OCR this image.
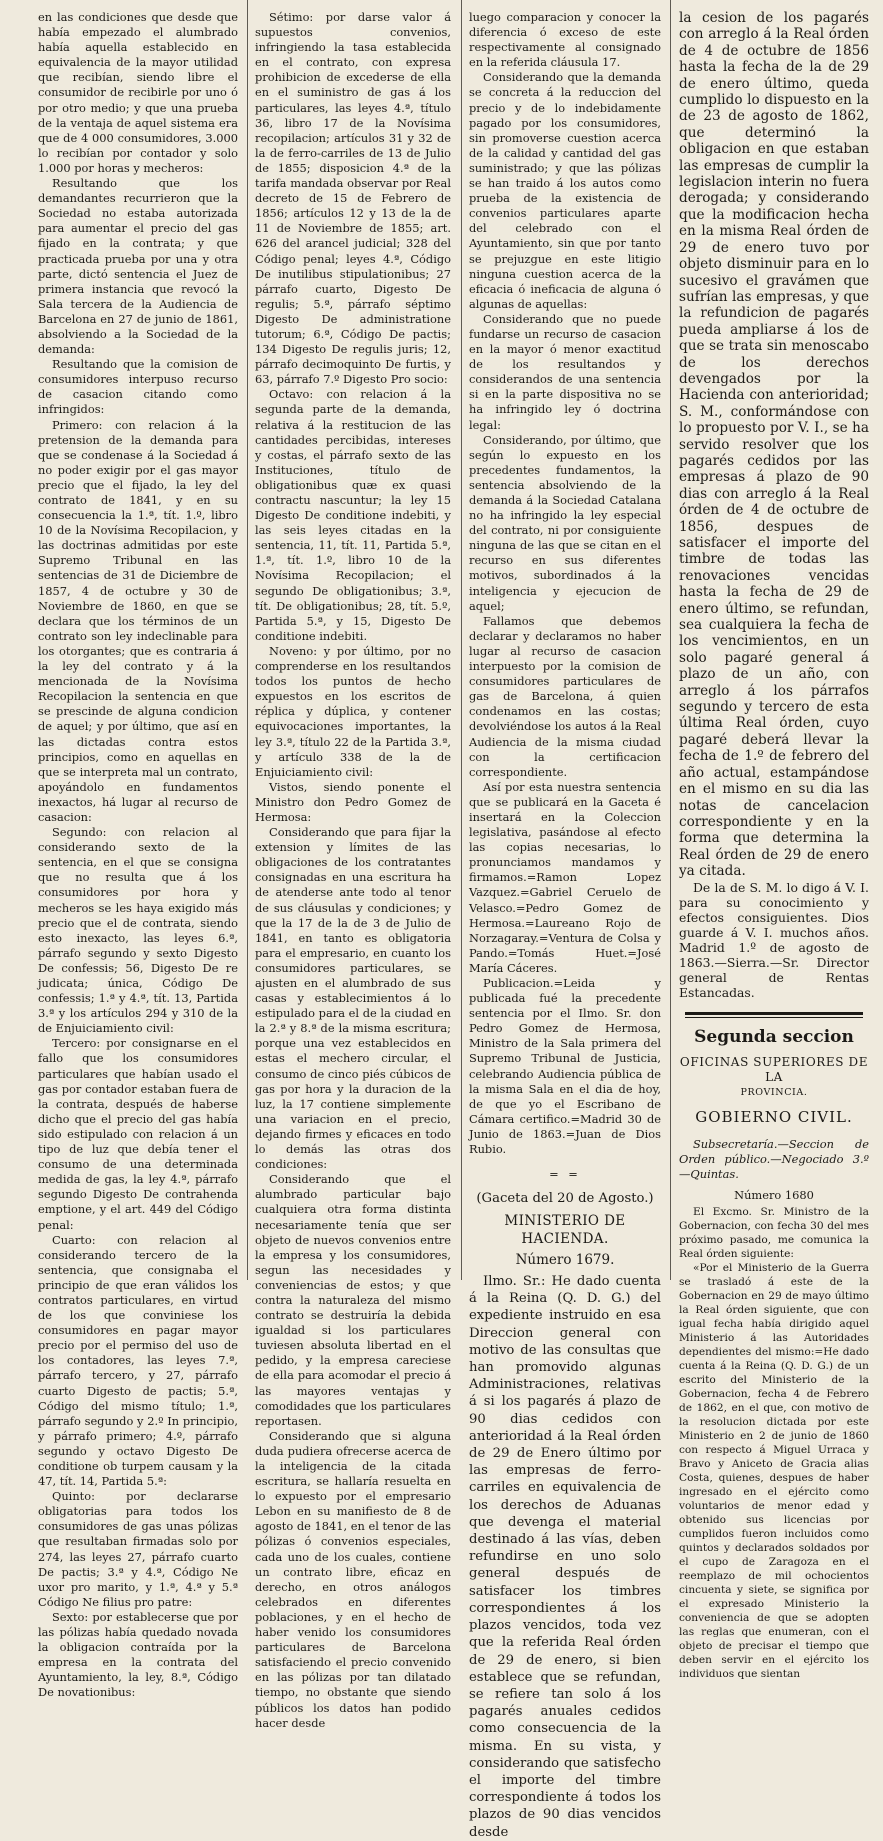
en las condiciones que desde que había empezado el alumbrado había aquella establecido en equivalencia de la mayor utilidad que recibían, siendo libre el consumidor de recibirle por uno ó por otro medio; y que una prueba de la ventaja de aquel sistema era que de 4 000 consumidores, 3.000 lo recibían por contador y solo 1.000 por horas y mecheros:

Resultando que los demandantes recurrieron que la Sociedad no estaba autorizada para aumentar el precio del gas fijado en la contrata; y que practicada prueba por una y otra parte, dictó sentencia el Juez de primera instancia que revocó la Sala tercera de la Audiencia de Barcelona en 27 de junio de 1861, absolviendo a la Sociedad de la demanda:

Resultando que la comision de consumidores interpuso recurso de casacion citando como infringidos:

Primero: con relacion á la pretension de la demanda para que se condenase á la Sociedad á no poder exigir por el gas mayor precio que el fijado, la ley del contrato de 1841, y en su consecuencia la 1.ª, tít. 1.º, libro 10 de la Novísima Recopilacion, y las doctrinas admitidas por este Supremo Tribunal en las sentencias de 31 de Diciembre de 1857, 4 de octubre y 30 de Noviembre de 1860, en que se declara que los términos de un contrato son ley indeclinable para los otorgantes; que es contraria á la ley del contrato y á la mencionada de la Novísima Recopilacion la sentencia en que se prescinde de alguna condicion de aquel; y por último, que así en las dictadas contra estos principios, como en aquellas en que se interpreta mal un contrato, apoyándolo en fundamentos inexactos, há lugar al recurso de casacion:

Segundo: con relacion al considerando sexto de la sentencia, en el que se consigna que no resulta que á los consumidores por hora y mecheros se les haya exigido más precio que el de contrata, siendo esto inexacto, las leyes 6.ª, párrafo segundo y sexto Digesto De confessis; 56, Digesto De re judicata; única, Código De confessis; 1.ª y 4.ª, tít. 13, Partida 3.ª y los artículos 294 y 310 de la de Enjuiciamiento civil:

Tercero: por consignarse en el fallo que los consumidores particulares que habían usado el gas por contador estaban fuera de la contrata, después de haberse dicho que el precio del gas había sido estipulado con relacion á un tipo de luz que debía tener el consumo de una determinada medida de gas, la ley 4.ª, párrafo segundo Digesto De contrahenda emptione, y el art. 449 del Código penal:

Cuarto: con relacion al considerando tercero de la sentencia, que consignaba el principio de que eran válidos los contratos particulares, en virtud de los que conviniese los consumidores en pagar mayor precio por el permiso del uso de los contadores, las leyes 7.ª, párrafo tercero, y 27, párrafo cuarto Digesto de pactis; 5.ª, Código del mismo título; 1.ª, párrafo segundo y 2.º In principio, y párrafo primero; 4.º, párrafo segundo y octavo Digesto De conditione ob turpem causam y la 47, tít. 14, Partida 5.ª:

Quinto: por declararse obligatorias para todos los consumidores de gas unas pólizas que resultaban firmadas solo por 274, las leyes 27, párrafo cuarto De pactis; 3.ª y 4.ª, Código Ne uxor pro marito, y 1.ª, 4.ª y 5.ª Código Ne filius pro patre:

Sexto: por establecerse que por las pólizas había quedado novada la obligacion contraída por la empresa en la contrata del Ayuntamiento, la ley, 8.ª, Código De novationibus:

Sétimo: por darse valor á supuestos convenios, infringiendo la tasa establecida en el contrato, con expresa prohibicion de excederse de ella en el suministro de gas á los particulares, las leyes 4.ª, título 36, libro 17 de la Novísima recopilacion; artículos 31 y 32 de la de ferro-carriles de 13 de Julio de 1855; disposicion 4.ª de la tarifa mandada observar por Real decreto de 15 de Febrero de 1856; artículos 12 y 13 de la de 11 de Noviembre de 1855; art. 626 del arancel judicial; 328 del Código penal; leyes 4.ª, Código De inutilibus stipulationibus; 27 párrafo cuarto, Digesto De regulis; 5.ª, párrafo séptimo Digesto De administratione tutorum; 6.ª, Código De pactis; 134 Digesto De regulis juris; 12, párrafo decimoquinto De furtis, y 63, párrafo 7.º Digesto Pro socio:

Octavo: con relacion á la segunda parte de la demanda, relativa á la restitucion de las cantidades percibidas, intereses y costas, el párrafo sexto de las Instituciones, título de obligationibus quæ ex quasi contractu nascuntur; la ley 15 Digesto De conditione indebiti, y las seis leyes citadas en la sentencia, 11, tít. 11, Partida 5.ª, 1.ª, tít. 1.º, libro 10 de la Novísima Recopilacion; el segundo De obligationibus; 3.ª, tít. De obligationibus; 28, tít. 5.º, Partida 5.ª, y 15, Digesto De conditione indebiti.

Noveno: y por último, por no comprenderse en los resultandos todos los puntos de hecho expuestos en los escritos de réplica y dúplica, y contener equivocaciones importantes, la ley 3.ª, título 22 de la Partida 3.ª, y artículo 338 de la de Enjuiciamiento civil:

Vistos, siendo ponente el Ministro don Pedro Gomez de Hermosa:

Considerando que para fijar la extension y límites de las obligaciones de los contratantes consignadas en una escritura ha de atenderse ante todo al tenor de sus cláusulas y condiciones; y que la 17 de la de 3 de Julio de 1841, en tanto es obligatoria para el empresario, en cuanto los consumidores particulares, se ajusten en el alumbrado de sus casas y establecimientos á lo estipulado para el de la ciudad en la 2.ª y 8.ª de la misma escritura; porque una vez establecidos en estas el mechero circular, el consumo de cinco piés cúbicos de gas por hora y la duracion de la luz, la 17 contiene simplemente una variacion en el precio, dejando firmes y eficaces en todo lo demás las otras dos condiciones:

Considerando que el alumbrado particular bajo cualquiera otra forma distinta necesariamente tenía que ser objeto de nuevos convenios entre la empresa y los consumidores, segun las necesidades y conveniencias de estos; y que contra la naturaleza del mismo contrato se destruiría la debida igualdad si los particulares tuviesen absoluta libertad en el pedido, y la empresa careciese de ella para acomodar el precio á las mayores ventajas y comodidades que los particulares reportasen.

Considerando que si alguna duda pudiera ofrecerse acerca de la inteligencia de la citada escritura, se hallaría resuelta en lo expuesto por el empresario Lebon en su manifiesto de 8 de agosto de 1841, en el tenor de las pólizas ó convenios especiales, cada uno de los cuales, contiene un contrato libre, eficaz en derecho, en otros análogos celebrados en diferentes poblaciones, y en el hecho de haber venido los consumidores particulares de Barcelona satisfaciendo el precio convenido en las pólizas por tan dilatado tiempo, no obstante que siendo públicos los datos han podido hacer desde

luego comparacion y conocer la diferencia ó exceso de este respectivamente al consignado en la referida cláusula 17.

Considerando que la demanda se concreta á la reduccion del precio y de lo indebidamente pagado por los consumidores, sin promoverse cuestion acerca de la calidad y cantidad del gas suministrado; y que las pólizas se han traido á los autos como prueba de la existencia de convenios particulares aparte del celebrado con el Ayuntamiento, sin que por tanto se prejuzgue en este litigio ninguna cuestion acerca de la eficacia ó ineficacia de alguna ó algunas de aquellas:

Considerando que no puede fundarse un recurso de casacion en la mayor ó menor exactitud de los resultandos y considerandos de una sentencia si en la parte dispositiva no se ha infringido ley ó doctrina legal:

Considerando, por último, que según lo expuesto en los precedentes fundamentos, la sentencia absolviendo de la demanda á la Sociedad Catalana no ha infringido la ley especial del contrato, ni por consiguiente ninguna de las que se citan en el recurso en sus diferentes motivos, subordinados á la inteligencia y ejecucion de aquel;

Fallamos que debemos declarar y declaramos no haber lugar al recurso de casacion interpuesto por la comision de consumidores particulares de gas de Barcelona, á quien condenamos en las costas; devolviéndose los autos á la Real Audiencia de la misma ciudad con la certificacion correspondiente.

Así por esta nuestra sentencia que se publicará en la Gaceta é insertará en la Coleccion legislativa, pasándose al efecto las copias necesarias, lo pronunciamos mandamos y firmamos.=Ramon Lopez Vazquez.=Gabriel Ceruelo de Velasco.=Pedro Gomez de Hermosa.=Laureano Rojo de Norzagaray.=Ventura de Colsa y Pando.=Tomás Huet.=José María Cáceres.

Publicacion.=Leida y publicada fué la precedente sentencia por el Ilmo. Sr. don Pedro Gomez de Hermosa, Ministro de la Sala primera del Supremo Tribunal de Justicia, celebrando Audiencia pública de la misma Sala en el dia de hoy, de que yo el Escribano de Cámara certifico.=Madrid 30 de Junio de 1863.=Juan de Dios Rubio.

= =

(Gaceta del 20 de Agosto.)

MINISTERIO DE HACIENDA.

Número 1679.

Ilmo. Sr.: He dado cuenta á la Reina (Q. D. G.) del expediente instruido en esa Direccion general con motivo de las consultas que han promovido algunas Administraciones, relativas á si los pagarés á plazo de 90 dias cedidos con anterioridad á la Real órden de 29 de Enero último por las empresas de ferro-carriles en equivalencia de los derechos de Aduanas que devenga el material destinado á las vías, deben refundirse en uno solo general después de satisfacer los timbres correspondientes á los plazos vencidos, toda vez que la referida Real órden de 29 de enero, si bien establece que se refundan, se refiere tan solo á los pagarés anuales cedidos como consecuencia de la misma. En su vista, y considerando que satisfecho el importe del timbre correspondiente á todos los plazos de 90 dias vencidos desde

la cesion de los pagarés con arreglo á la Real órden de 4 de octubre de 1856 hasta la fecha de la de 29 de enero último, queda cumplido lo dispuesto en la de 23 de agosto de 1862, que determinó la obligacion en que estaban las empresas de cumplir la legislacion interin no fuera derogada; y considerando que la modificacion hecha en la misma Real órden de 29 de enero tuvo por objeto disminuir para en lo sucesivo el gravámen que sufrían las empresas, y que la refundicion de pagarés pueda ampliarse á los de que se trata sin menoscabo de los derechos devengados por la Hacienda con anterioridad; S. M., conformándose con lo propuesto por V. I., se ha servido resolver que los pagarés cedidos por las empresas á plazo de 90 dias con arreglo á la Real órden de 4 de octubre de 1856, despues de satisfacer el importe del timbre de todas las renovaciones vencidas hasta la fecha de 29 de enero último, se refundan, sea cualquiera la fecha de los vencimientos, en un solo pagaré general á plazo de un año, con arreglo á los párrafos segundo y tercero de esta última Real órden, cuyo pagaré deberá llevar la fecha de 1.º de febrero del año actual, estampándose en el mismo en su dia las notas de cancelacion correspondiente y en la forma que determina la Real órden de 29 de enero ya citada.

De la de S. M. lo digo á V. I. para su conocimiento y efectos consiguientes. Dios guarde á V. I. muchos años. Madrid 1.º de agosto de 1863.—Sierra.—Sr. Director general de Rentas Estancadas.

Segunda seccion

OFICINAS SUPERIORES DE LA

PROVINCIA.

GOBIERNO CIVIL.

Subsecretaría.—Seccion de Orden público.—Negociado 3.º—Quintas.

Número 1680

El Excmo. Sr. Ministro de la Gobernacion, con fecha 30 del mes próximo pasado, me comunica la Real órden siguiente:

«Por el Ministerio de la Guerra se trasladó á este de la Gobernacion en 29 de mayo último la Real órden siguiente, que con igual fecha había dirigido aquel Ministerio á las Autoridades dependientes del mismo:=He dado cuenta á la Reina (Q. D. G.) de un escrito del Ministerio de la Gobernacion, fecha 4 de Febrero de 1862, en el que, con motivo de la resolucion dictada por este Ministerio en 2 de junio de 1860 con respecto á Miguel Urraca y Bravo y Aniceto de Gracia alias Costa, quienes, despues de haber ingresado en el ejército como voluntarios de menor edad y obtenido sus licencias por cumplidos fueron incluidos como quintos y declarados soldados por el cupo de Zaragoza en el reemplazo de mil ochocientos cincuenta y siete, se significa por el expresado Ministerio la conveniencia de que se adopten las reglas que enumeran, con el objeto de precisar el tiempo que deben servir en el ejército los individuos que sientan
